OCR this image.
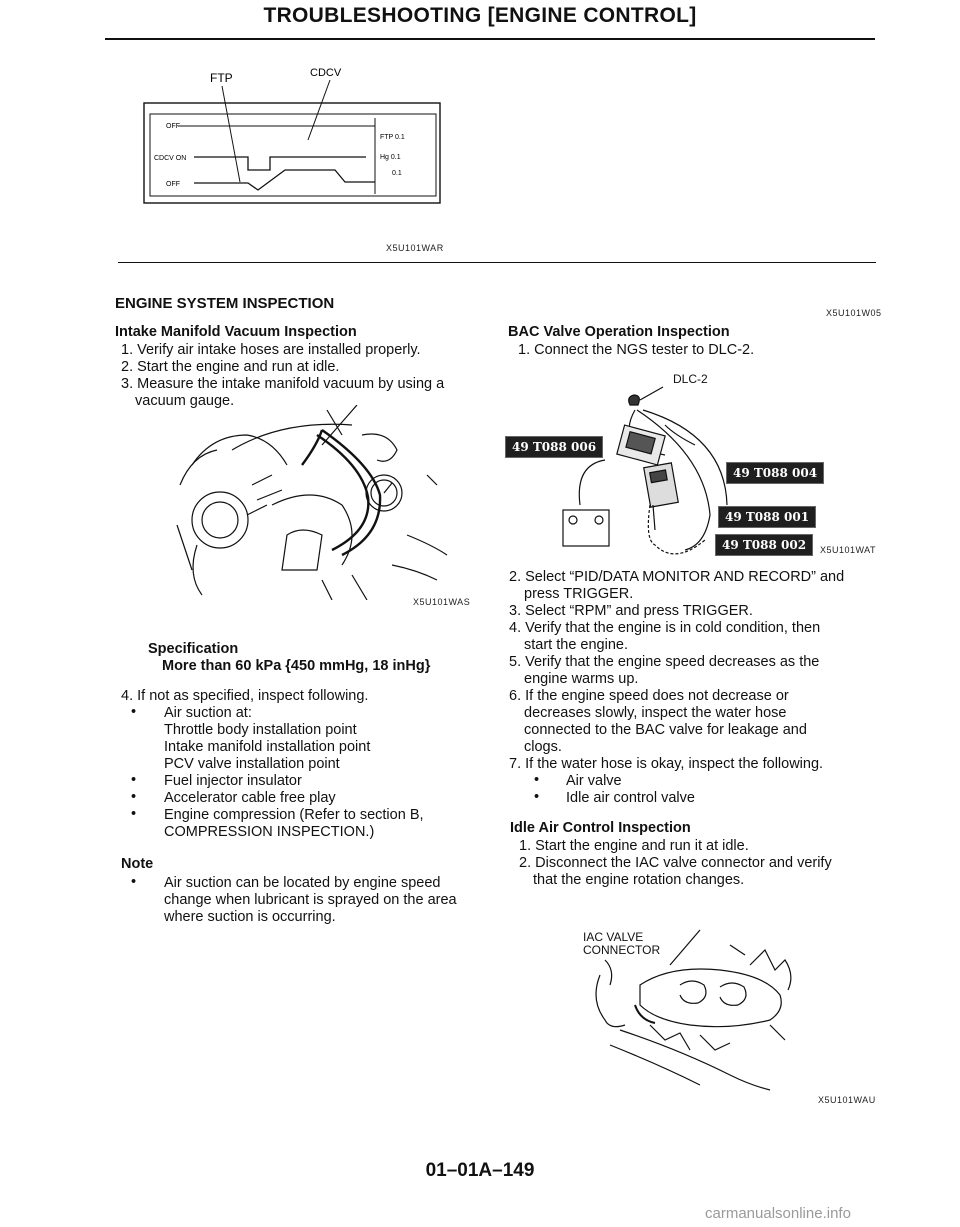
TROUBLESHOOTING [ENGINE CONTROL]
FTP	CDCV
OFF
CDCV ON
OFF
FTP 0.1
Hg 0.1
0.1
X5U101WAR
ENGINE SYSTEM INSPECTION
Intake Manifold Vacuum Inspection
1. Verify air intake hoses are installed properly.
2. Start the engine and run at idle.
3. Measure the intake manifold vacuum by using a
vacuum gauge.
X5U101WAS
Specification
More than 60 kPa {450 mmHg, 18 inHg}
4. If not as specified, inspect following.
• Air suction at:
Throttle body installation point
Intake manifold installation point
PCV valve installation point
• Fuel injector insulator
• Accelerator cable free play
• Engine compression (Refer to section B,
COMPRESSION INSPECTION.)
Note
• Air suction can be located by engine speed
change when lubricant is sprayed on the area
where suction is occurring.
X5U101W05
BAC Valve Operation Inspection
1. Connect the NGS tester to DLC-2.
DLC-2
49 T088 006
49 T088 004
49 T088 001
49 T088 002	X5U101WAT
2. Select “PID/DATA MONITOR AND RECORD” and
press TRIGGER.
3. Select “RPM” and press TRIGGER.
4. Verify that the engine is in cold condition, then
start the engine.
5. Verify that the engine speed decreases as the
engine warms up.
6. If the engine speed does not decrease or
decreases slowly, inspect the water hose
connected to the BAC valve for leakage and
clogs.
7. If the water hose is okay, inspect the following.
• Air valve
• Idle air control valve
Idle Air Control Inspection
1. Start the engine and run it at idle.
2. Disconnect the IAC valve connector and verify
that the engine rotation changes.
IAC VALVE
CONNECTOR
X5U101WAU
01–01A–149
carmanualsonline.info
